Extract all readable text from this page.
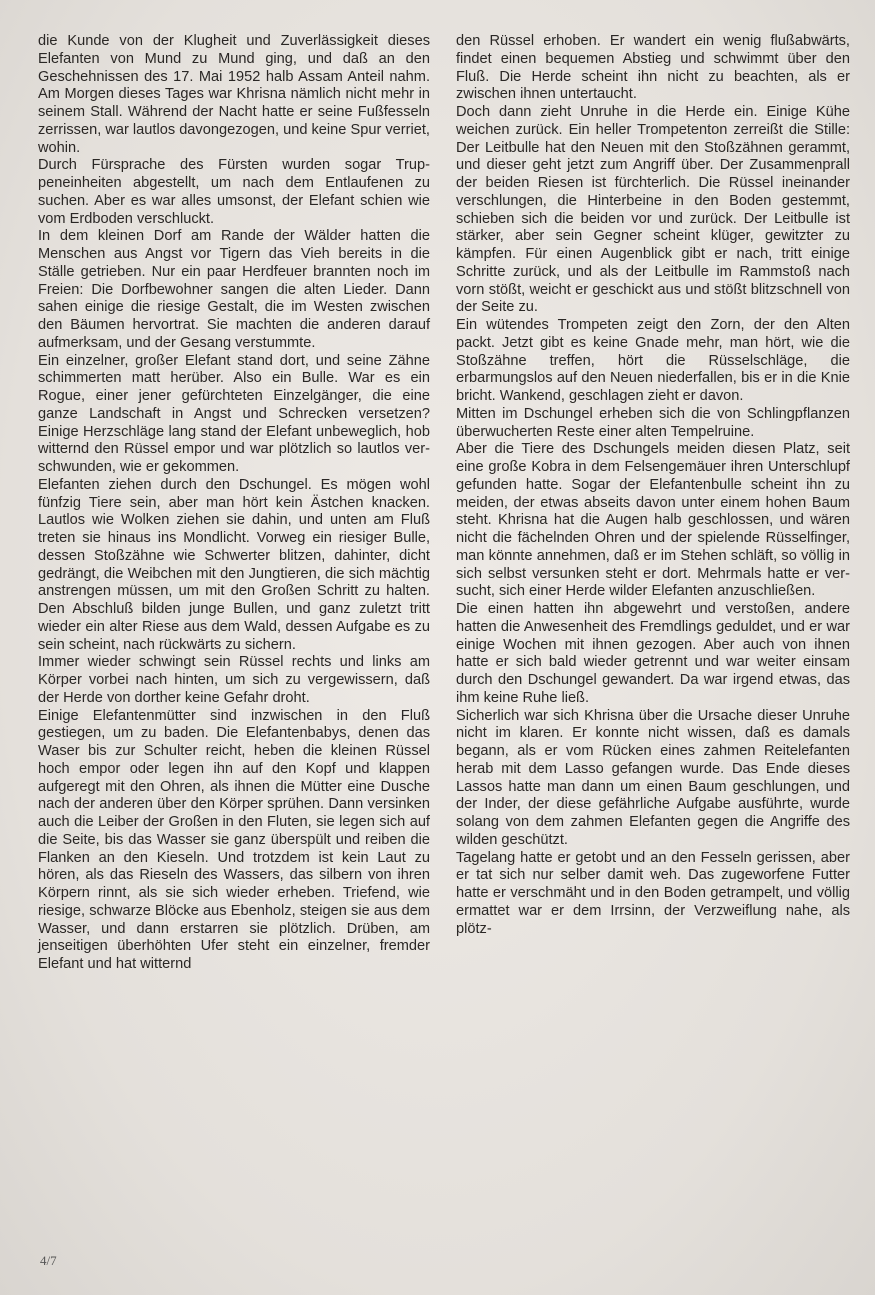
die Kunde von der Klugheit und Zuverlässigkeit dieses Elefanten von Mund zu Mund ging, und daß an den Geschehnissen des 17. Mai 1952 halb Assam Anteil nahm. Am Morgen dieses Tages war Khrisna nämlich nicht mehr in seinem Stall. Während der Nacht hatte er seine Fußfesseln zerrissen, war lautlos davongezogen, und keine Spur verriet, wohin.

Durch Fürsprache des Fürsten wurden sogar Truppeneinheiten abgestellt, um nach dem Entlaufenen zu suchen. Aber es war alles umsonst, der Elefant schien wie vom Erdboden verschluckt.

In dem kleinen Dorf am Rande der Wälder hatten die Menschen aus Angst vor Tigern das Vieh bereits in die Ställe getrieben. Nur ein paar Herdfeuer brannten noch im Freien: Die Dorfbewohner sangen die alten Lieder. Dann sahen einige die riesige Gestalt, die im Westen zwischen den Bäumen hervortrat. Sie machten die anderen darauf aufmerksam, und der Gesang verstummte.

Ein einzelner, großer Elefant stand dort, und seine Zähne schimmerten matt herüber. Also ein Bulle. War es ein Rogue, einer jener gefürchteten Einzelgänger, die eine ganze Landschaft in Angst und Schrecken versetzen? Einige Herzschläge lang stand der Elefant unbeweglich, hob witternd den Rüssel empor und war plötzlich so lautlos verschwunden, wie er gekommen.

Elefanten ziehen durch den Dschungel. Es mögen wohl fünfzig Tiere sein, aber man hört kein Ästchen knacken. Lautlos wie Wolken ziehen sie dahin, und unten am Fluß treten sie hinaus ins Mondlicht. Vorweg ein riesiger Bulle, dessen Stoßzähne wie Schwerter blitzen, dahinter, dicht gedrängt, die Weibchen mit den Jungtieren, die sich mächtig anstrengen müssen, um mit den Großen Schritt zu halten. Den Abschluß bilden junge Bullen, und ganz zuletzt tritt wieder ein alter Riese aus dem Wald, dessen Aufgabe es zu sein scheint, nach rückwärts zu sichern.

Immer wieder schwingt sein Rüssel rechts und links am Körper vorbei nach hinten, um sich zu vergewissern, daß der Herde von dorther keine Gefahr droht.

Einige Elefantenmütter sind inzwischen in den Fluß gestiegen, um zu baden. Die Elefantenbabys, denen das Waser bis zur Schulter reicht, heben die kleinen Rüssel hoch empor oder legen ihn auf den Kopf und klappen aufgeregt mit den Ohren, als ihnen die Mütter eine Dusche nach der anderen über den Körper sprühen. Dann versinken auch die Leiber der Großen in den Fluten, sie legen sich auf die Seite, bis das Wasser sie ganz überspült und reiben die Flanken an den Kieseln. Und trotzdem ist kein Laut zu hören, als das Rieseln des Wassers, das silbern von ihren Körpern rinnt, als sie sich wieder erheben. Triefend, wie riesige, schwarze Blöcke aus Ebenholz, steigen sie aus dem Wasser, und dann erstarren sie plötzlich. Drüben, am jenseitigen überhöhten Ufer steht ein einzelner, fremder Elefant und hat witternd

den Rüssel erhoben. Er wandert ein wenig flußabwärts, findet einen bequemen Abstieg und schwimmt über den Fluß. Die Herde scheint ihn nicht zu beachten, als er zwischen ihnen untertaucht.

Doch dann zieht Unruhe in die Herde ein. Einige Kühe weichen zurück. Ein heller Trompetenton zerreißt die Stille: Der Leitbulle hat den Neuen mit den Stoßzähnen gerammt, und dieser geht jetzt zum Angriff über. Der Zusammenprall der beiden Riesen ist fürchterlich. Die Rüssel ineinander verschlungen, die Hinterbeine in den Boden gestemmt, schieben sich die beiden vor und zurück. Der Leitbulle ist stärker, aber sein Gegner scheint klüger, gewitzter zu kämpfen. Für einen Augenblick gibt er nach, tritt einige Schritte zurück, und als der Leitbulle im Rammstoß nach vorn stößt, weicht er geschickt aus und stößt blitzschnell von der Seite zu.

Ein wütendes Trompeten zeigt den Zorn, der den Alten packt. Jetzt gibt es keine Gnade mehr, man hört, wie die Stoßzähne treffen, hört die Rüsselschläge, die erbarmungslos auf den Neuen niederfallen, bis er in die Knie bricht. Wankend, geschlagen zieht er davon.

Mitten im Dschungel erheben sich die von Schlingpflanzen überwucherten Reste einer alten Tempelruine.

Aber die Tiere des Dschungels meiden diesen Platz, seit eine große Kobra in dem Felsengemäuer ihren Unterschlupf gefunden hatte. Sogar der Elefantenbulle scheint ihn zu meiden, der etwas abseits davon unter einem hohen Baum steht. Khrisna hat die Augen halb geschlossen, und wären nicht die fächelnden Ohren und der spielende Rüsselfinger, man könnte annehmen, daß er im Stehen schläft, so völlig in sich selbst versunken steht er dort. Mehrmals hatte er versucht, sich einer Herde wilder Elefanten anzuschließen.

Die einen hatten ihn abgewehrt und verstoßen, andere hatten die Anwesenheit des Fremdlings geduldet, und er war einige Wochen mit ihnen gezogen. Aber auch von ihnen hatte er sich bald wieder getrennt und war weiter einsam durch den Dschungel gewandert. Da war irgend etwas, das ihm keine Ruhe ließ.

Sicherlich war sich Khrisna über die Ursache dieser Unruhe nicht im klaren. Er konnte nicht wissen, daß es damals begann, als er vom Rücken eines zahmen Reitelefanten herab mit dem Lasso gefangen wurde. Das Ende dieses Lassos hatte man dann um einen Baum geschlungen, und der Inder, der diese gefährliche Aufgabe ausführte, wurde solang von dem zahmen Elefanten gegen die Angriffe des wilden geschützt.

Tagelang hatte er getobt und an den Fesseln gerissen, aber er tat sich nur selber damit weh. Das zugeworfene Futter hatte er verschmäht und in den Boden getrampelt, und völlig ermattet war er dem Irrsinn, der Verzweiflung nahe, als plötz-

4/7
